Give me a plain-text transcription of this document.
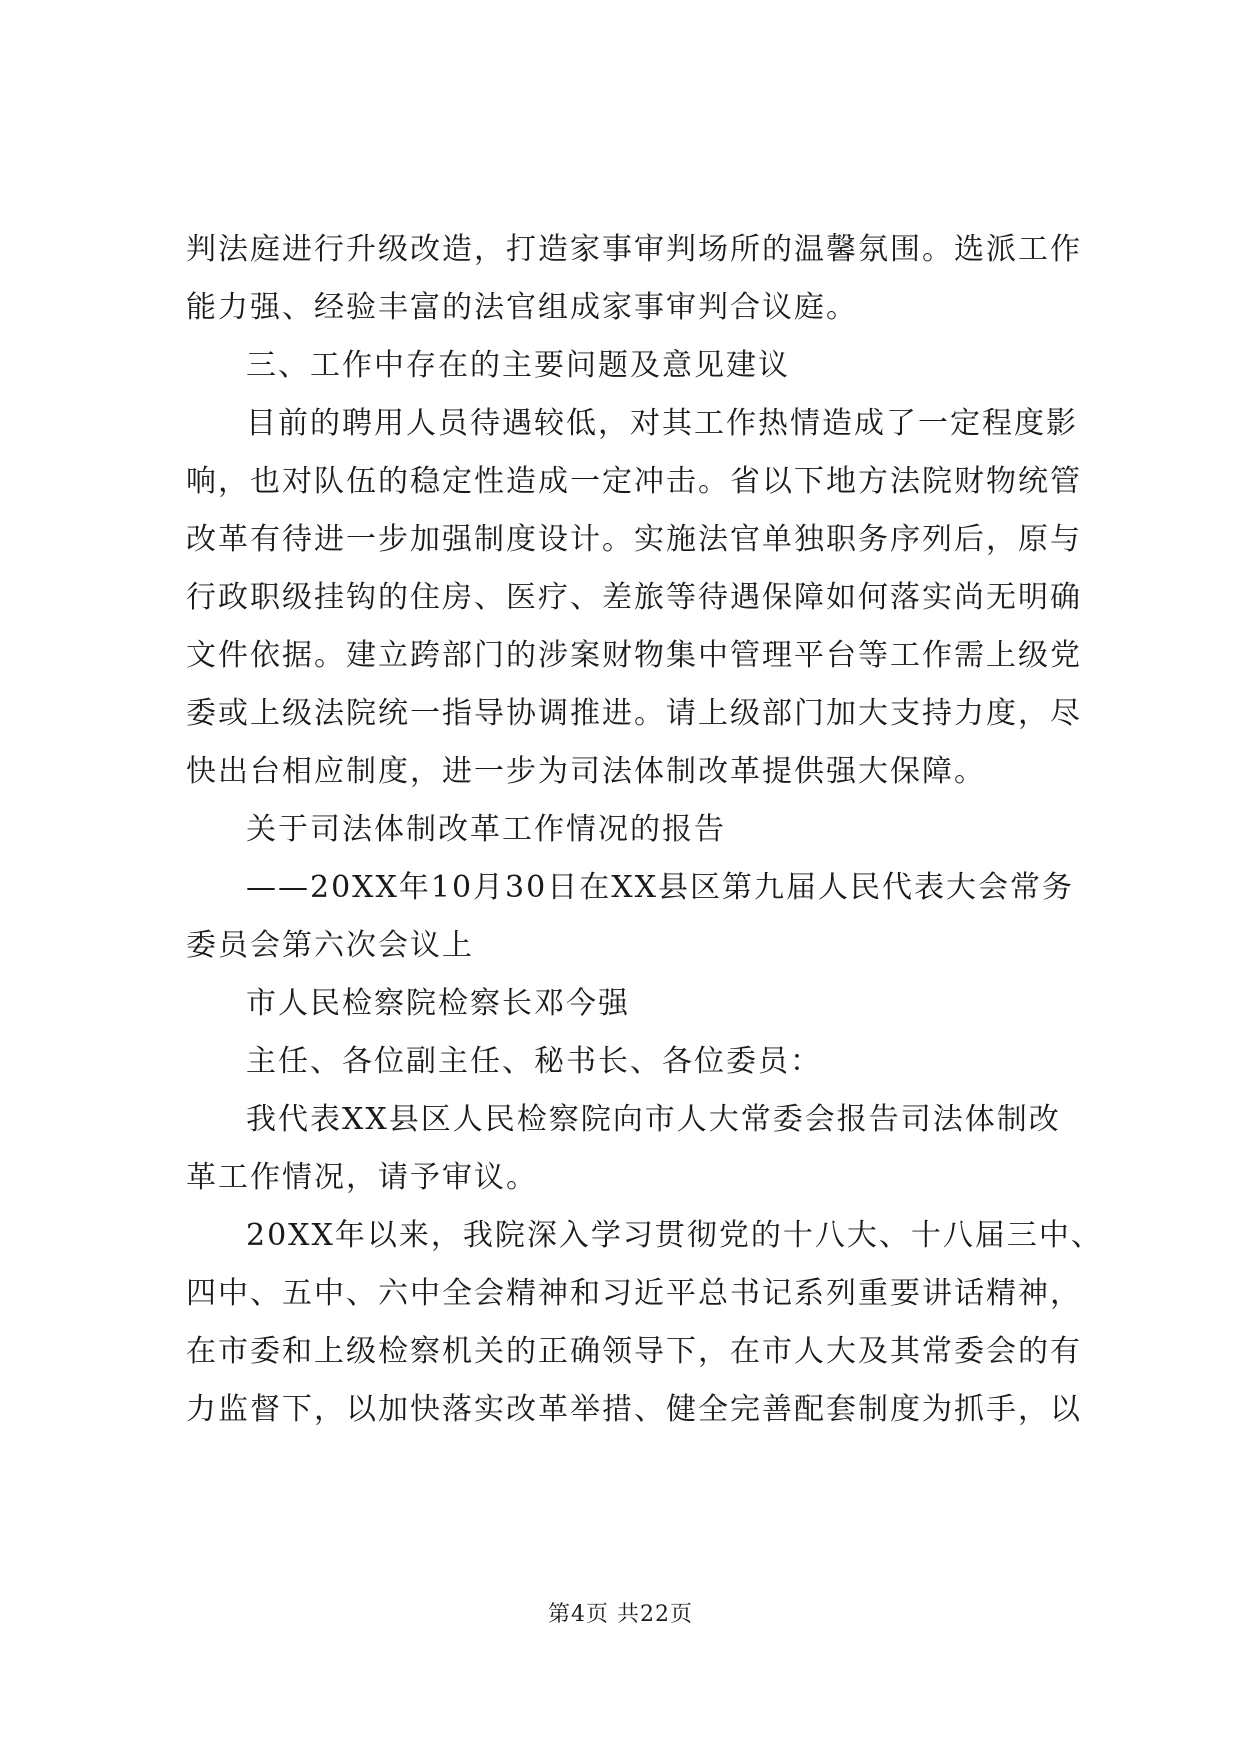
判法庭进行升级改造，打造家事审判场所的温馨氛围。选派工作
能力强、经验丰富的法官组成家事审判合议庭。
三、工作中存在的主要问题及意见建议
目前的聘用人员待遇较低，对其工作热情造成了一定程度影
响，也对队伍的稳定性造成一定冲击。省以下地方法院财物统管
改革有待进一步加强制度设计。实施法官单独职务序列后，原与
行政职级挂钩的住房、医疗、差旅等待遇保障如何落实尚无明确
文件依据。建立跨部门的涉案财物集中管理平台等工作需上级党
委或上级法院统一指导协调推进。请上级部门加大支持力度，尽
快出台相应制度，进一步为司法体制改革提供强大保障。
关于司法体制改革工作情况的报告
——20XX年10月30日在XX县区第九届人民代表大会常务
委员会第六次会议上
市人民检察院检察长邓今强
主任、各位副主任、秘书长、各位委员：
我代表XX县区人民检察院向市人大常委会报告司法体制改
革工作情况，请予审议。
20XX年以来，我院深入学习贯彻党的十八大、十八届三中、
四中、五中、六中全会精神和习近平总书记系列重要讲话精神，
在市委和上级检察机关的正确领导下，在市人大及其常委会的有
力监督下，以加快落实改革举措、健全完善配套制度为抓手，以
第4页 共22页
